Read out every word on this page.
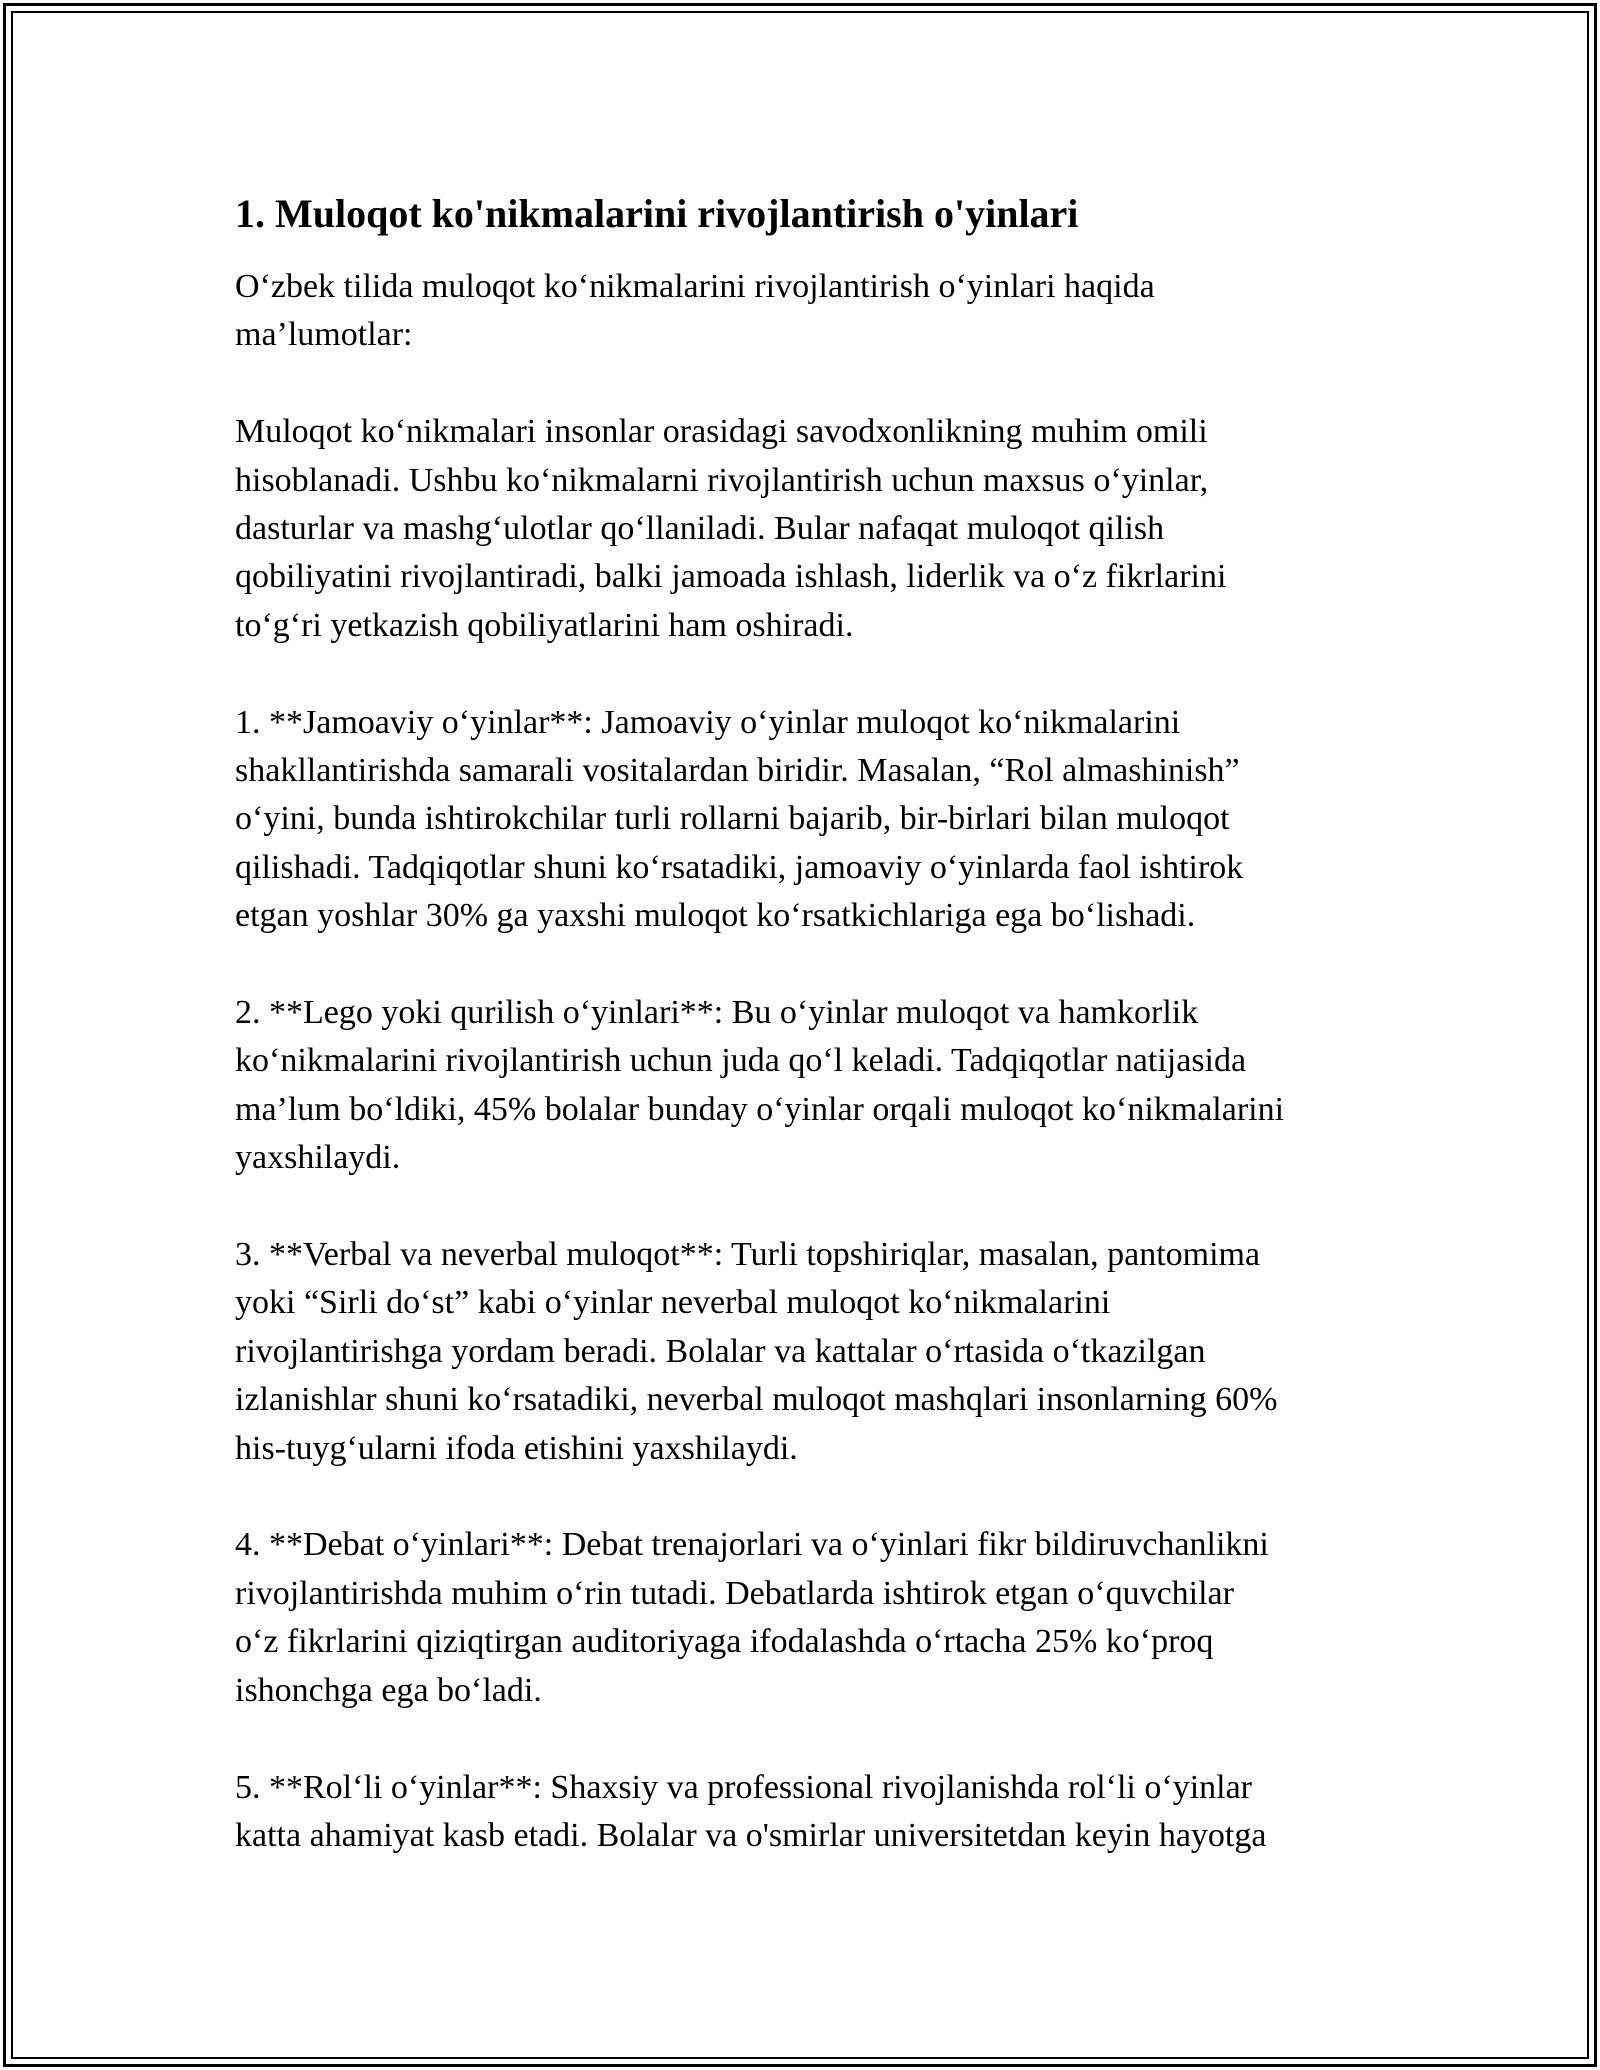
1. Muloqot ko'nikmalarini rivojlantirish o'yinlari

O‘zbek tilida muloqot ko‘nikmalarini rivojlantirish o‘yinlari haqida
ma’lumotlar:

Muloqot ko‘nikmalari insonlar orasidagi savodxonlikning muhim omili
hisoblanadi. Ushbu ko‘nikmalarni rivojlantirish uchun maxsus o‘yinlar,
dasturlar va mashg‘ulotlar qo‘llaniladi. Bular nafaqat muloqot qilish
qobiliyatini rivojlantiradi, balki jamoada ishlash, liderlik va o‘z fikrlarini
to‘g‘ri yetkazish qobiliyatlarini ham oshiradi.

1. **Jamoaviy o‘yinlar**: Jamoaviy o‘yinlar muloqot ko‘nikmalarini
shakllantirishda samarali vositalardan biridir. Masalan, “Rol almashinish”
o‘yini, bunda ishtirokchilar turli rollarni bajarib, bir-birlari bilan muloqot
qilishadi. Tadqiqotlar shuni ko‘rsatadiki, jamoaviy o‘yinlarda faol ishtirok
etgan yoshlar 30% ga yaxshi muloqot ko‘rsatkichlariga ega bo‘lishadi.

2. **Lego yoki qurilish o‘yinlari**: Bu o‘yinlar muloqot va hamkorlik
ko‘nikmalarini rivojlantirish uchun juda qo‘l keladi. Tadqiqotlar natijasida
ma’lum bo‘ldiki, 45% bolalar bunday o‘yinlar orqali muloqot ko‘nikmalarini
yaxshilaydi.

3. **Verbal va neverbal muloqot**: Turli topshiriqlar, masalan, pantomima
yoki “Sirli do‘st” kabi o‘yinlar neverbal muloqot ko‘nikmalarini
rivojlantirishga yordam beradi. Bolalar va kattalar o‘rtasida o‘tkazilgan
izlanishlar shuni ko‘rsatadiki, neverbal muloqot mashqlari insonlarning 60%
his-tuyg‘ularni ifoda etishini yaxshilaydi.

4. **Debat o‘yinlari**: Debat trenajorlari va o‘yinlari fikr bildiruvchanlikni
rivojlantirishda muhim o‘rin tutadi. Debatlarda ishtirok etgan o‘quvchilar
o‘z fikrlarini qiziqtirgan auditoriyaga ifodalashda o‘rtacha 25% ko‘proq
ishonchga ega bo‘ladi.

5. **Rol‘li o‘yinlar**: Shaxsiy va professional rivojlanishda rol‘li o‘yinlar
katta ahamiyat kasb etadi. Bolalar va o'smirlar universitetdan keyin hayotga
